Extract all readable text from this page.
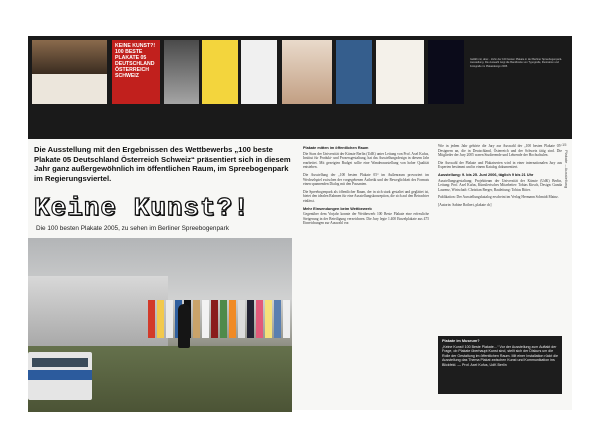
KEINE KUNST?! 100 BESTE PLAKATE 05 DEUTSCHLAND ÖSTERREICH SCHWEIZ
Gefällt mir, aber... Zehn der 100 besten Plakate in der Berliner Spreebogenpark-Ausstellung. Die Auswahl zeigt die Bandbreite von Typografie, Illustration und Fotografie im Plakatdesign 2005.
Die Ausstellung mit den Ergebnissen des Wettbewerbs „100 beste Plakate 05 Deutschland Österreich Schweiz“ präsentiert sich in diesem Jahr ganz außergewöhnlich im öffentlichen Raum, im Spreebogenpark im Regierungsviertel.
Keine Kunst?!
Die 100 besten Plakate 2005, zu sehen im Berliner Spreebogenpark
Plakate mitten im öffentlichen Raum

Die Stars der Universität der Künste Berlin (UdK) unter Leitung von Prof. Axel Kufus, Institut für Produkt- und Prozessgestaltung, hat das Ausstellungsdesign in diesem Jahr erarbeitet. Mit gezeigten Budget sollte eine Wanderausstellung von hoher Qualität entstehen.

Die Ausstellung der „100 besten Plakate 05“ im Außenraum provoziert im Wechselspiel zwischen der vorgegebenen Ästhetik und der Beweglichkeit des Formats einen spannenden Dialog mit den Passanten.

Die Spreebogenpark als öffentlicher Raum, der in sich stark gestaltet und geglättet ist, bietet den idealen Rahmen für eine Ausstellungskonzeption, die sich auf den Betrachter einlässt.

Mehr Einsendungen beim Wettbewerb

Gegenüber dem Vorjahr konnte der Wettbewerb 100 Beste Plakate eine erfreuliche Steigerung in der Beteiligung verzeichnen. Die Jury legte 1.400 Einzelplakate aus 475 Einreichungen zur Auswahl vor.

Wie in jedem Jahr gehörte die Jury zur Auswahl der „100 besten Plakate 05“ Designern an, die in Deutschland, Österreich und der Schweiz tätig sind. Die Mitglieder der Jury 2005 waren Studierende und Lehrende der Hochschulen.

Die Auswahl der Plakate und Plakatserien wird in einer internationalen Jury aus Experten bestimmt und in einem Katalog dokumentiert.

Ausstellung: 9. bis 25. Juni 2006, täglich 9 bis 21 Uhr

Ausstellungsgestaltung: Projektteam der Universität der Künste (UdK) Berlin, Leitung: Prof. Axel Kufus, Künstlerisches Mitarbeiter: Tobias Kirsch, Design: Gunda Laurenz, Wirtschaft: Christian Berger, Bauleitung: Tobias Ritter.

Publikation: Der Ausstellungskatalog erscheint im Verlag Hermann Schmidt Mainz.

[Autorin: Sabine Rothert, plakate ch]

Plakate im Museum?
„Keine Kunst! 100 Beste Plakate…“ Vor der Ausstellung zum Auftakt der Frage, ob Plakate überhaupt Kunst sind, stellt sich der Diskurs um die Rolle der Gestaltung im öffentlichen Raum. Mit einer Installation rückt die Ausstellung das Thema Plakat zwischen Kunst und Kommunikation ins Blickfeld. — Prof. Axel Kufus, UdK Berlin
15
Plakate – Ausstellung
